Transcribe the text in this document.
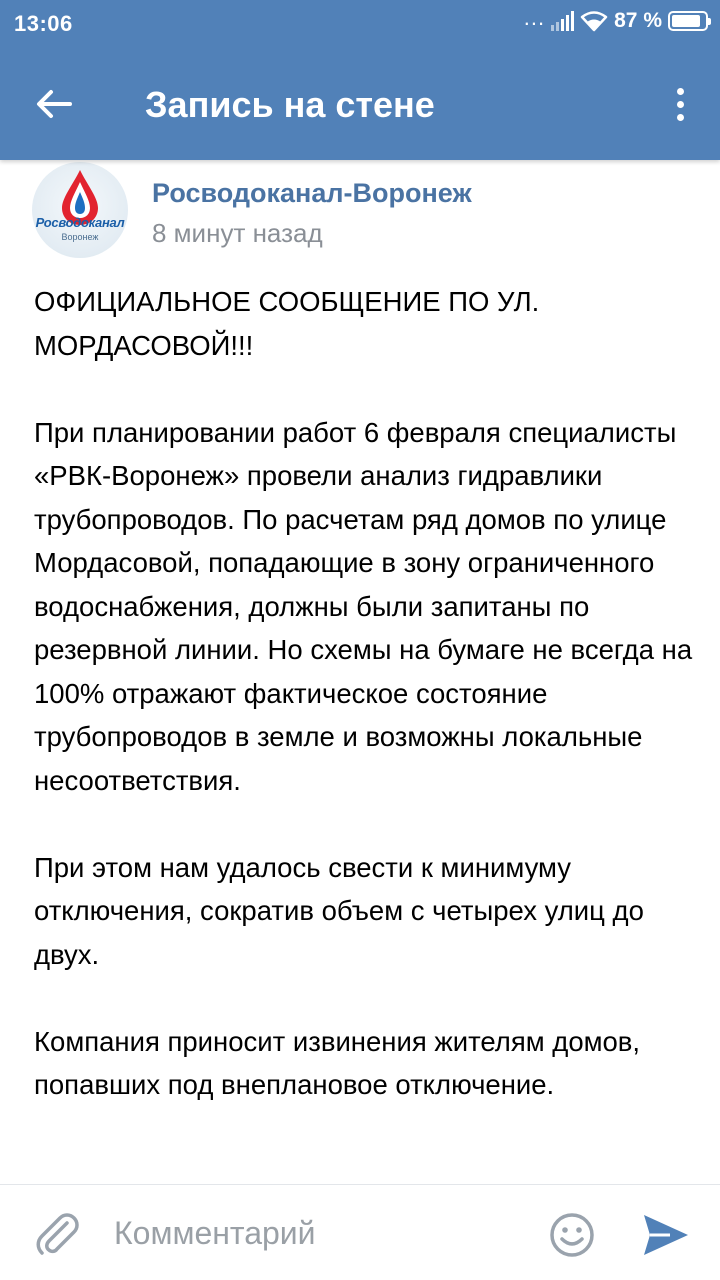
13:06	...	87 %
Запись на стене
Росводоканал
Воронеж
Росводоканал-Воронеж
8 минут назад

ОФИЦИАЛЬНОЕ СООБЩЕНИЕ ПО УЛ. МОРДАСОВОЙ!!!

При планировании работ 6 февраля специалисты «РВК-Воронеж» провели анализ гидравлики трубопроводов. По расчетам ряд домов по улице Мордасовой, попадающие в зону ограниченного водоснабжения, должны были запитаны по резервной линии. Но схемы на бумаге не всегда на 100% отражают фактическое состояние трубопроводов в земле и возможны локальные несоответствия.

При этом нам удалось свести к минимуму отключения, сократив объем с четырех улиц до двух.

Компания приносит извинения жителям домов, попавших под внеплановое отключение.

Комментарий
